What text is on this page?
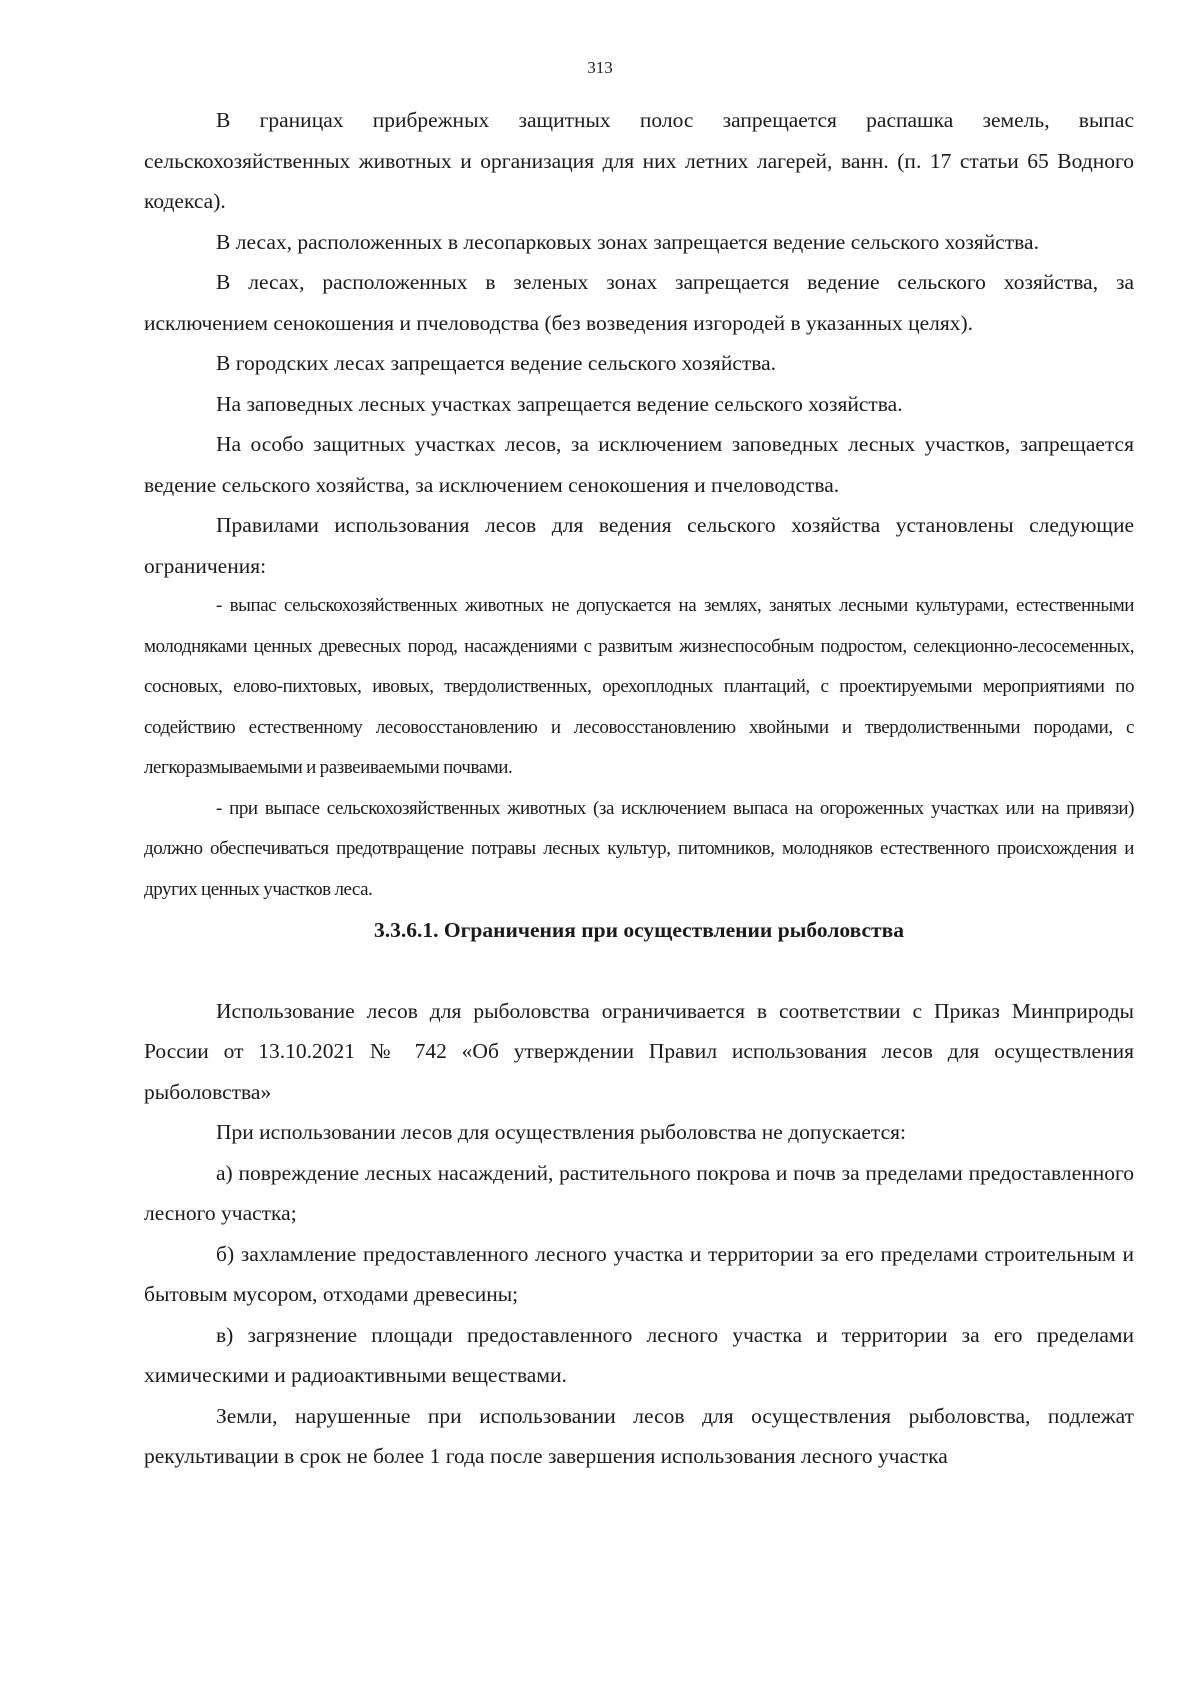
313

В границах прибрежных защитных полос запрещается распашка земель, выпас сельскохозяйственных животных и организация для них летних лагерей, ванн. (п. 17 статьи 65 Водного кодекса).

В лесах, расположенных в лесопарковых зонах запрещается ведение сельского хозяйства.

В лесах, расположенных в зеленых зонах запрещается ведение сельского хозяйства, за исключением сенокошения и пчеловодства (без возведения изгородей в указанных целях).

В городских лесах запрещается ведение сельского хозяйства.

На заповедных лесных участках запрещается ведение сельского хозяйства.

На особо защитных участках лесов, за исключением заповедных лесных участков, запрещается ведение сельского хозяйства, за исключением сенокошения и пчеловодства.

Правилами использования лесов для ведения сельского хозяйства установлены следующие ограничения:

- выпас сельскохозяйственных животных не допускается на землях, занятых лесными культурами, естественными молодняками ценных древесных пород, насаждениями с развитым жизнеспособным подростом, селекционно-лесосеменных, сосновых, елово-пихтовых, ивовых, твердолиственных, орехоплодных плантаций, с проектируемыми мероприятиями по содействию естественному лесовосстановлению и лесовосстановлению хвойными и твердолиственными породами, с легкоразмываемыми и развеиваемыми почвами.

- при выпасе сельскохозяйственных животных (за исключением выпаса на огороженных участках или на привязи) должно обеспечиваться предотвращение потравы лесных культур, питомников, молодняков естественного происхождения и других ценных участков леса.

3.3.6.1. Ограничения при осуществлении рыболовства

Использование лесов для рыболовства ограничивается в соответствии с Приказ Минприроды России от 13.10.2021 № 742 «Об утверждении Правил использования лесов для осуществления рыболовства»

При использовании лесов для осуществления рыболовства не допускается:

а) повреждение лесных насаждений, растительного покрова и почв за пределами предоставленного лесного участка;

б) захламление предоставленного лесного участка и территории за его пределами строительным и бытовым мусором, отходами древесины;

в) загрязнение площади предоставленного лесного участка и территории за его пределами химическими и радиоактивными веществами.

Земли, нарушенные при использовании лесов для осуществления рыболовства, подлежат рекультивации в срок не более 1 года после завершения использования лесного участка
